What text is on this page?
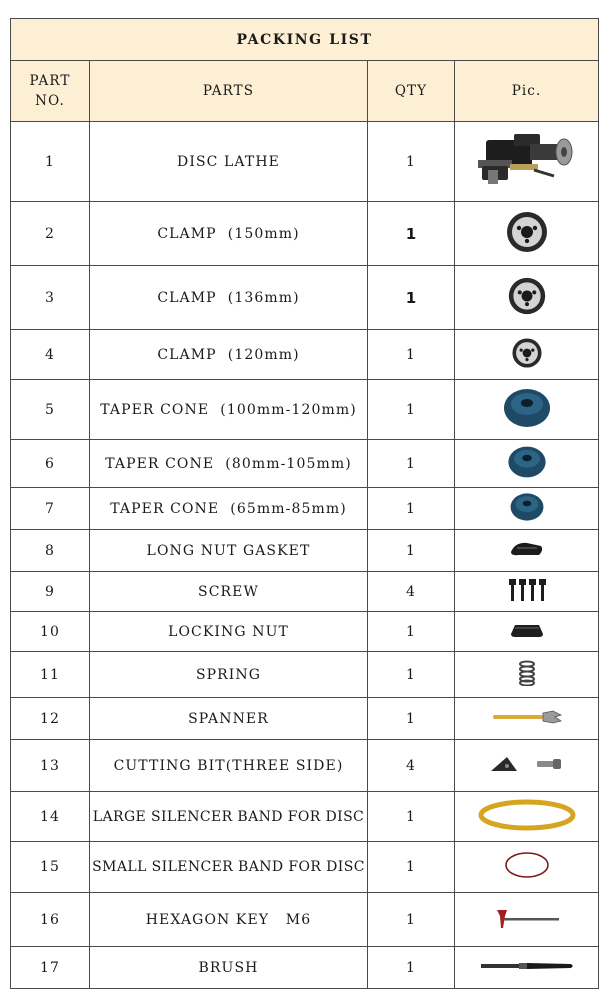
PACKING LIST			
PART
NO.	PARTS	QTY	Pic.
1	DISC LATHE	1	

2	CLAMP  (150mm)	1	

3	CLAMP  (136mm)	1	

4	CLAMP  (120mm)	1	

5	TAPER CONE  (100mm-120mm)	1	

6	TAPER CONE  (80mm-105mm)	1	

7	TAPER CONE  (65mm-85mm)	1	

8	LONG NUT GASKET	1	

9	SCREW	4	

10	LOCKING NUT	1	

11	SPRING	1	

12	SPANNER	1	

13	CUTTING BIT(THREE SIDE)	4	

14	LARGE SILENCER BAND FOR DISC	1	

15	SMALL SILENCER BAND FOR DISC	1	

16	HEXAGON KEY   M6	1	

17	BRUSH	1	
